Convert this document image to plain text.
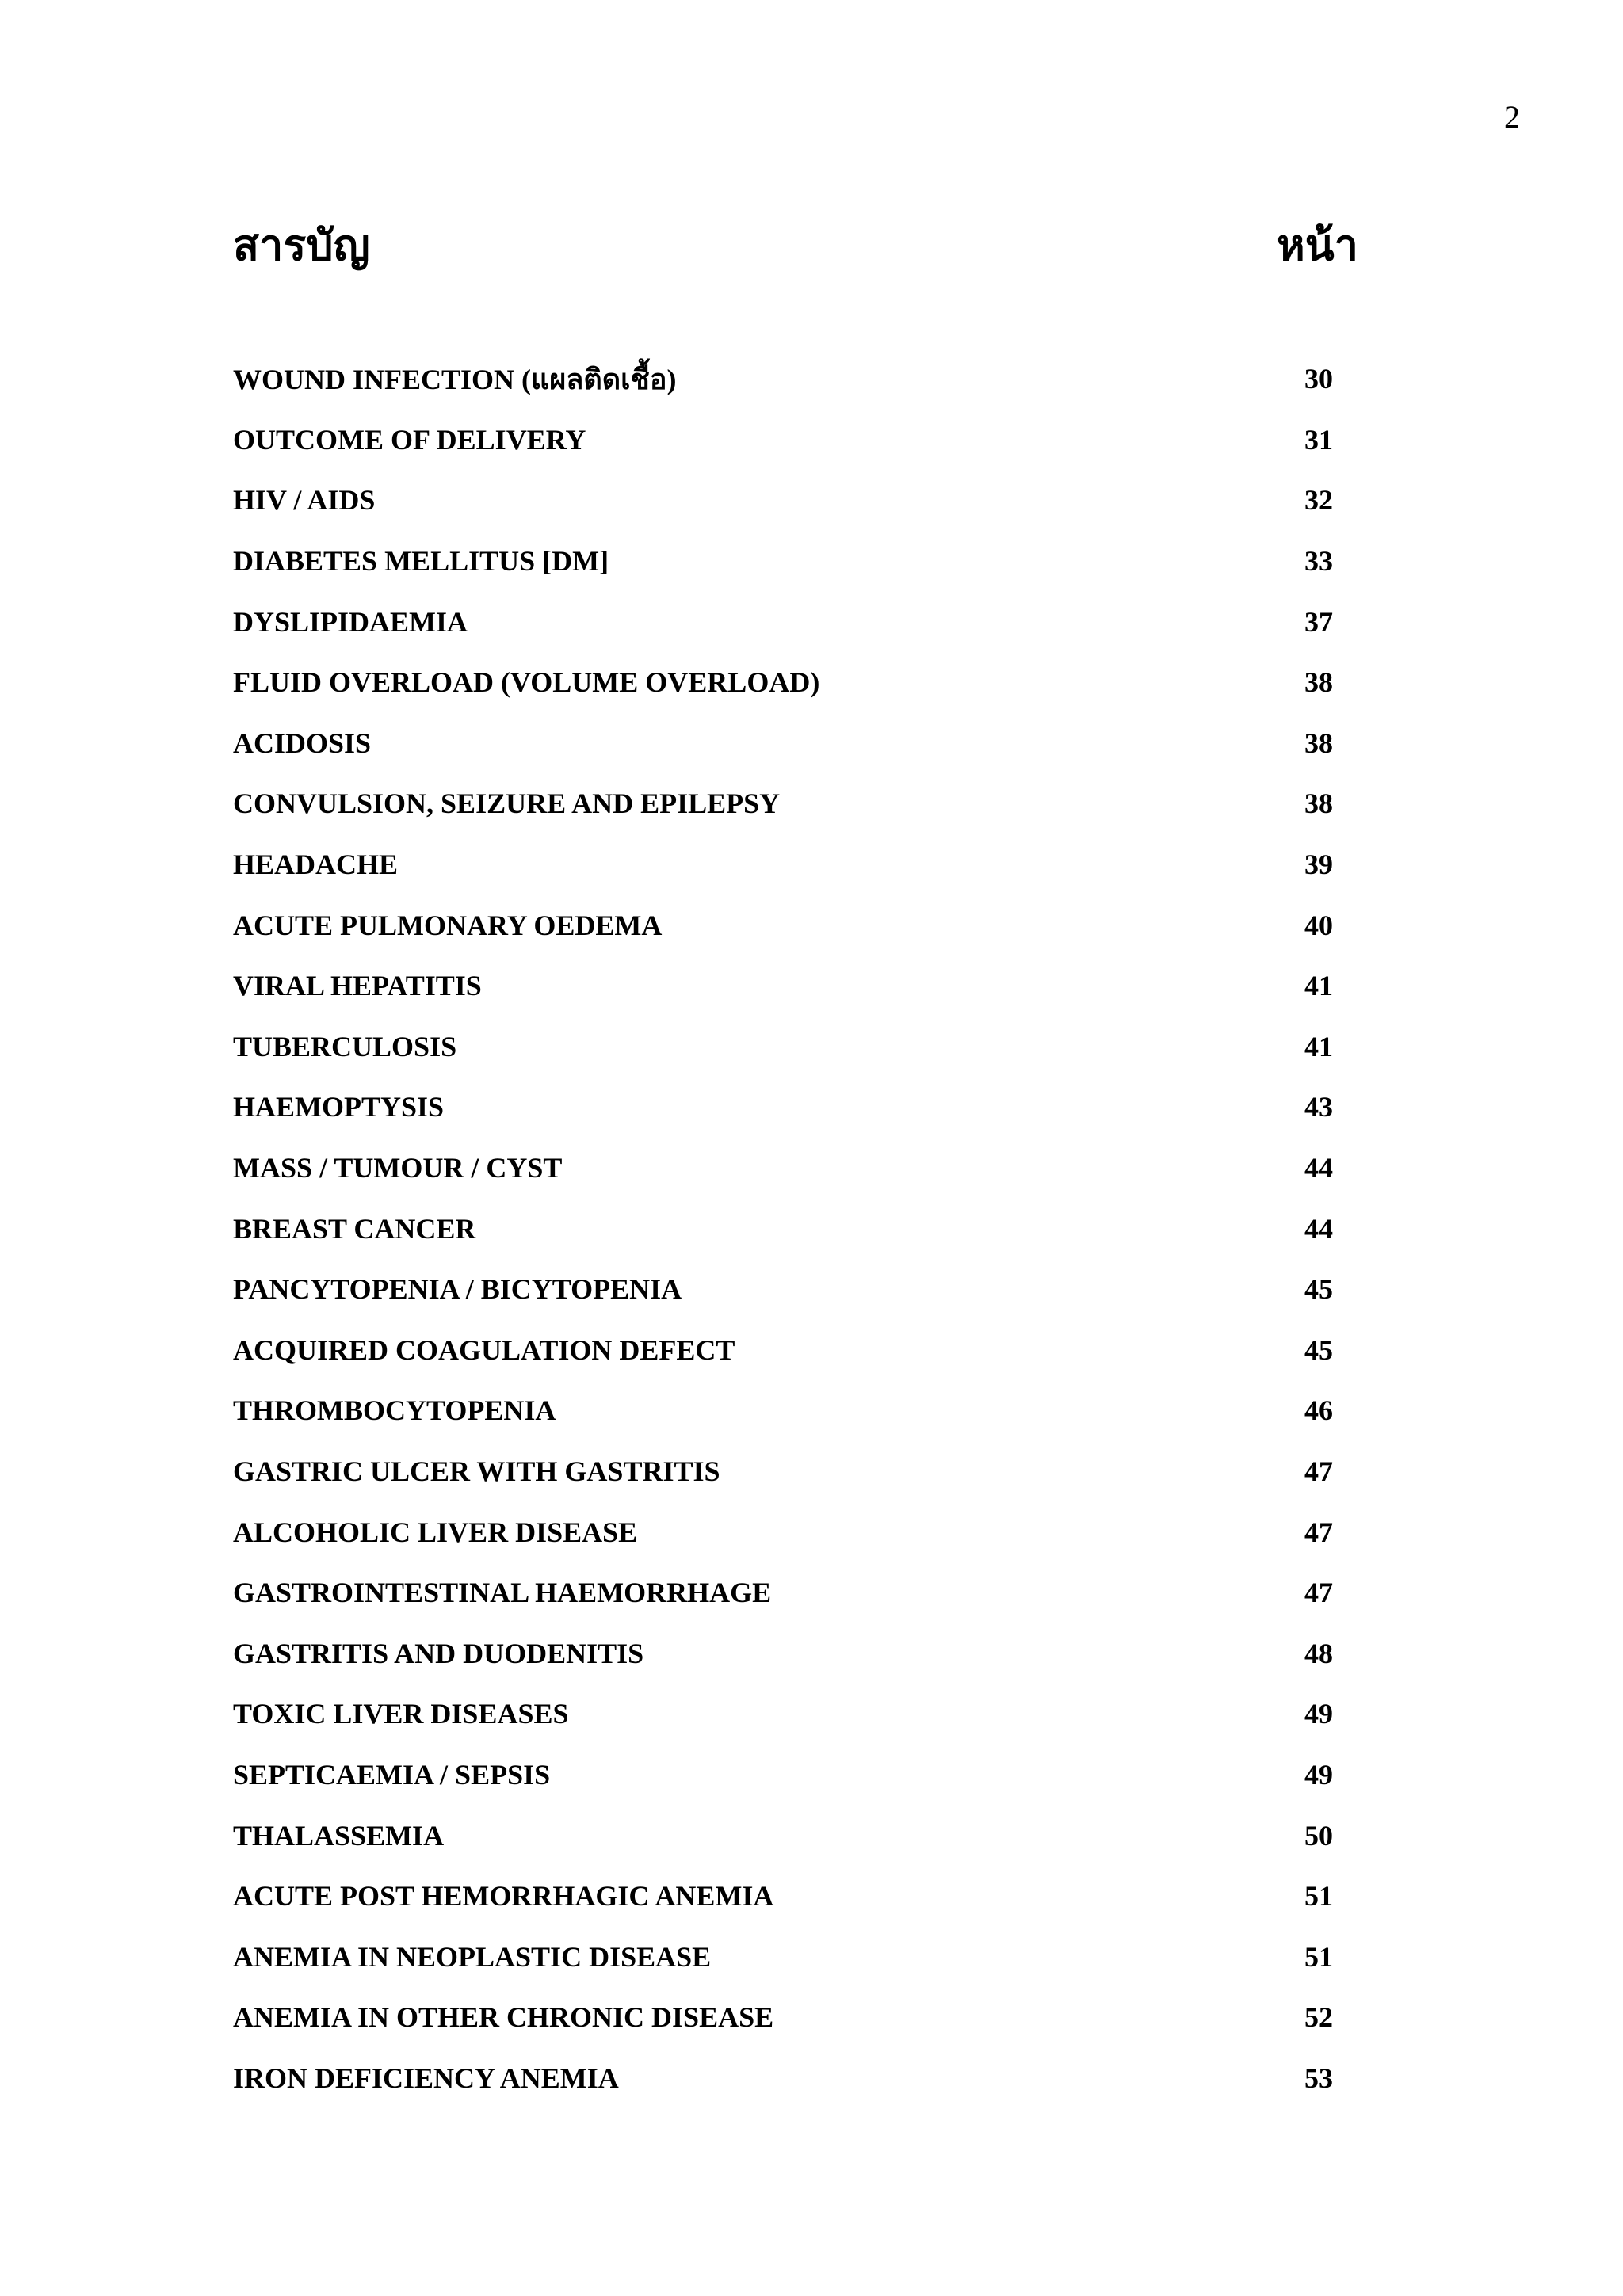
2
สารบัญ	หน้า
WOUND INFECTION (แผลติดเชื้อ)	30
OUTCOME OF DELIVERY	31
HIV / AIDS	32
DIABETES MELLITUS [DM]	33
DYSLIPIDAEMIA	37
FLUID OVERLOAD (VOLUME OVERLOAD)	38
ACIDOSIS	38
CONVULSION, SEIZURE AND EPILEPSY	38
HEADACHE	39
ACUTE PULMONARY OEDEMA	40
VIRAL HEPATITIS	41
TUBERCULOSIS	41
HAEMOPTYSIS	43
MASS / TUMOUR / CYST	44
BREAST CANCER	44
PANCYTOPENIA / BICYTOPENIA	45
ACQUIRED COAGULATION DEFECT	45
THROMBOCYTOPENIA	46
GASTRIC ULCER WITH GASTRITIS	47
ALCOHOLIC LIVER DISEASE	47
GASTROINTESTINAL HAEMORRHAGE	47
GASTRITIS AND DUODENITIS	48
TOXIC LIVER DISEASES	49
SEPTICAEMIA / SEPSIS	49
THALASSEMIA	50
ACUTE POST HEMORRHAGIC ANEMIA	51
ANEMIA IN NEOPLASTIC DISEASE	51
ANEMIA IN OTHER CHRONIC DISEASE	52
IRON DEFICIENCY ANEMIA	53
